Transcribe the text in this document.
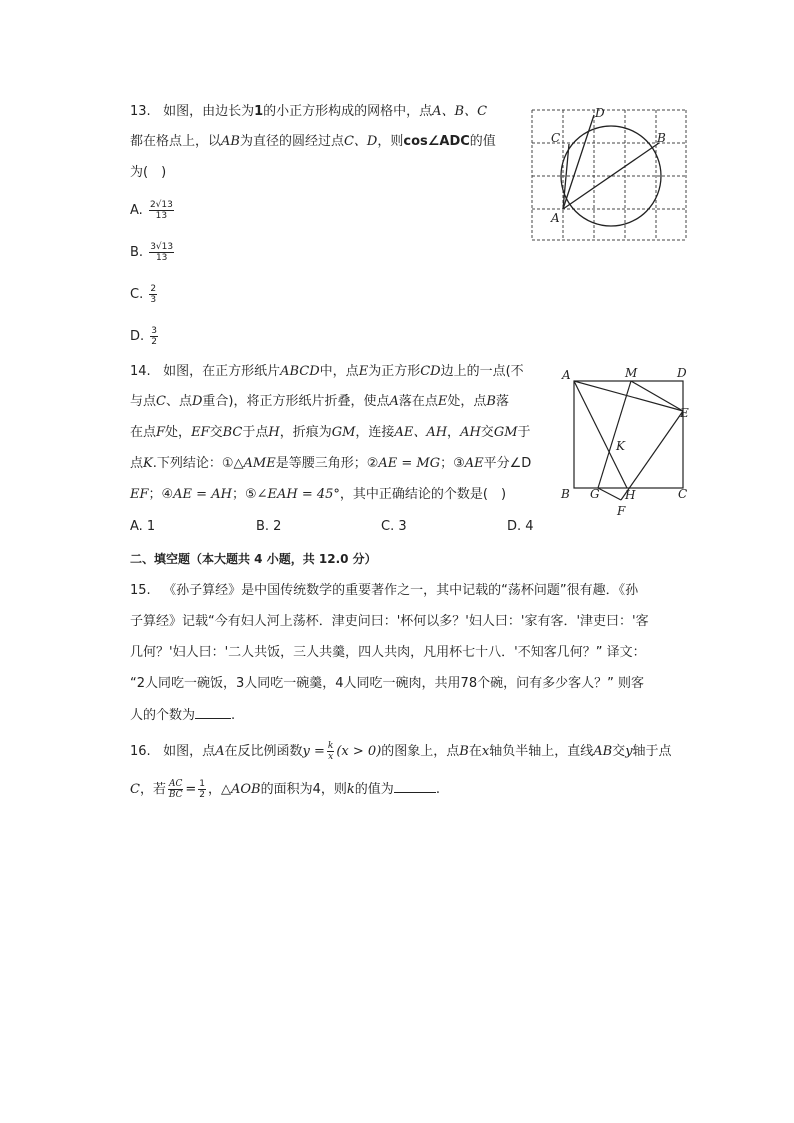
13. 如图，由边长为1的小正方形构成的网格中，点A、B、C
都在格点上，以AB为直径的圆经过点C、D，则cos∠ADC的值
为(　)
A. $\frac{2√13}{13}$
B. $\frac{3√13}{13}$
C. $\frac{2}{3}$
D. $\frac{3}{2}$
A
B
C
D
14. 如图，在正方形纸片ABCD中，点E为正方形CD边上的一点(不
与点C、点D重合)，将正方形纸片折叠，使点A落在点E处，点B落
在点F处，EF交BC于点H，折痕为GM，连接AE、AH，AH交GM于
点K.下列结论：①△AME是等腰三角形；②AE = MG；③AE平分∠D
EF；④AE = AH；⑤∠EAH = 45°，其中正确结论的个数是(　)
A. 1	B. 2	C. 3	D. 4
A	M	D
E
K
B G H	C
F
二、填空题（本大题共 4 小题，共 12.0 分）
15. 《孙子算经》是中国传统数学的重要著作之一，其中记载的“荡杯问题”很有趣．《孙
子算经》记载“今有妇人河上荡杯．津吏问曰：'杯何以多？'妇人曰：'家有客．'津吏曰：'客
几何？'妇人曰：'二人共饭，三人共羹，四人共肉，凡用杯七十八．'不知客几何？” 译文：
“2人同吃一碗饭，3人同吃一碗羹，4人同吃一碗肉，共用78个碗，问有多少客人？” 则客
人的个数为	.
16. 如图，点A在反比例函数$y = \frac{k}{x} (x > 0)$的图象上，点B在x轴负半轴上，直线AB交y轴于点
C，若 $\frac{AC}{BC} = \frac{1}{2}$ ，△AOB的面积为4，则k的值为	.
